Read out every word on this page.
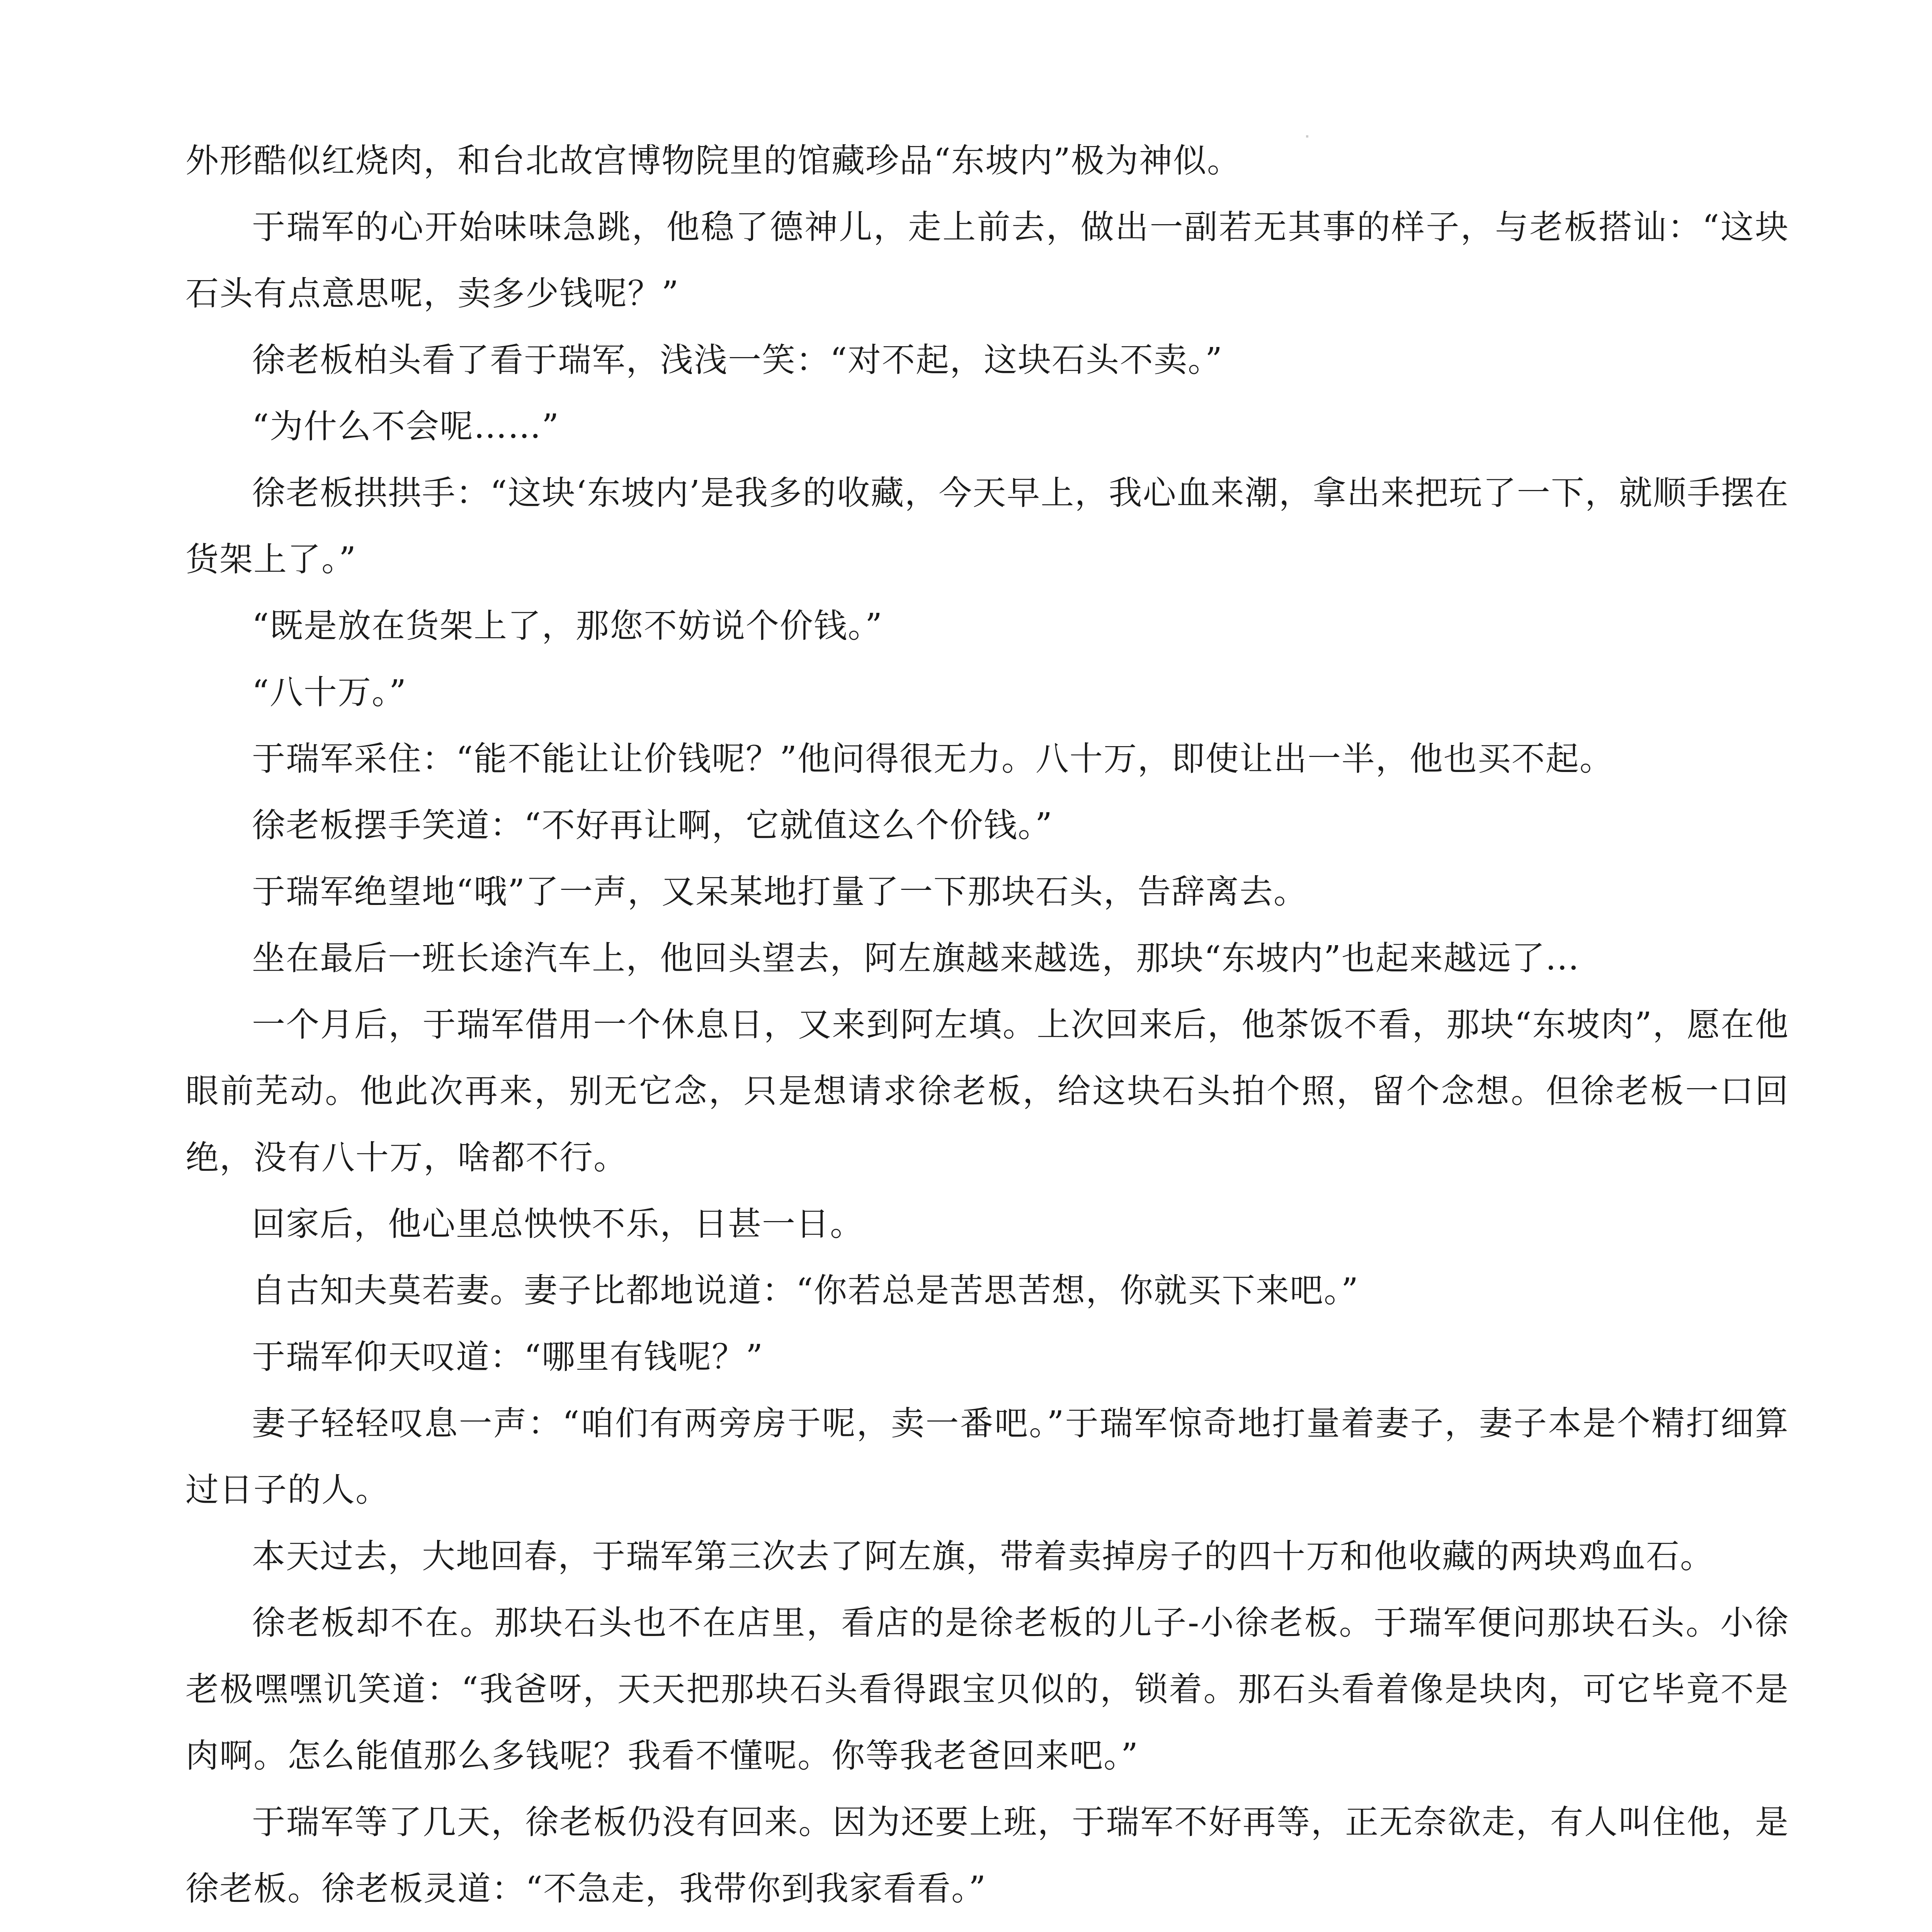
外形酷似红烧肉，和台北故宫博物院里的馆藏珍品“东坡内”极为神似。

于瑞军的心开始味味急跳，他稳了德神儿，走上前去，做出一副若无其事的样子，与老板搭讪：“这块石头有点意思呢，卖多少钱呢？”

徐老板柏头看了看于瑞军，浅浅一笑：“对不起，这块石头不卖。”

“为什么不会呢……”

徐老板拱拱手：“这块‘东坡内’是我多的收藏，今天早上，我心血来潮，拿出来把玩了一下，就顺手摆在货架上了。”

“既是放在货架上了，那您不妨说个价钱。”

“八十万。”

于瑞军采住：“能不能让让价钱呢？”他问得很无力。八十万，即使让出一半，他也买不起。

徐老板摆手笑道：“不好再让啊，它就值这么个价钱。”

于瑞军绝望地“哦”了一声，又呆某地打量了一下那块石头，告辞离去。

坐在最后一班长途汽车上，他回头望去，阿左旗越来越选，那块“东坡内”也起来越远了...

一个月后，于瑞军借用一个休息日，又来到阿左填。上次回来后，他茶饭不看，那块“东坡肉”，愿在他眼前芜动。他此次再来，别无它念，只是想请求徐老板，给这块石头拍个照，留个念想。但徐老板一口回绝，没有八十万，啥都不行。

回家后，他心里总怏怏不乐，日甚一日。

自古知夫莫若妻。妻子比都地说道：“你若总是苦思苦想，你就买下来吧。”

于瑞军仰天叹道：“哪里有钱呢？”

妻子轻轻叹息一声：“咱们有两旁房于呢，卖一番吧。”于瑞军惊奇地打量着妻子，妻子本是个精打细算过日子的人。

本天过去，大地回春，于瑞军第三次去了阿左旗，带着卖掉房子的四十万和他收藏的两块鸡血石。

徐老板却不在。那块石头也不在店里，看店的是徐老板的儿子-小徐老板。于瑞军便问那块石头。小徐老极嘿嘿讥笑道：“我爸呀，天天把那块石头看得跟宝贝似的，锁着。那石头看着像是块肉，可它毕竟不是肉啊。怎么能值那么多钱呢？我看不懂呢。你等我老爸回来吧。”

于瑞军等了几天，徐老板仍没有回来。因为还要上班，于瑞军不好再等，正无奈欲走，有人叫住他，是徐老板。徐老板灵道：“不急走，我带你到我家看看。”
